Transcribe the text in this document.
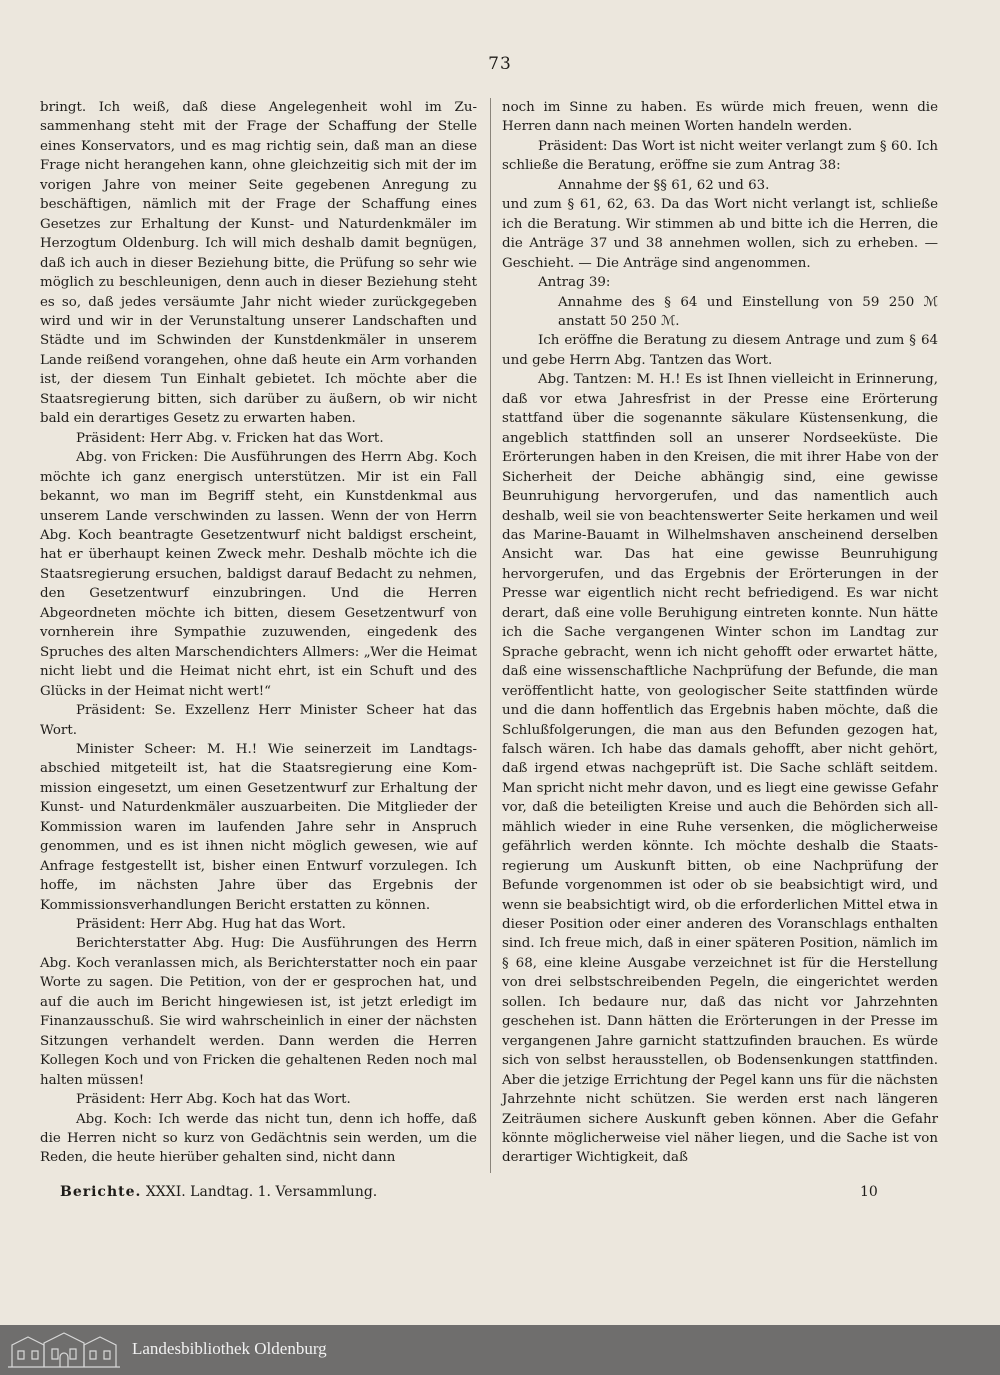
73

bringt. Ich weiß, daß diese Angelegenheit wohl im Zusammenhang steht mit der Frage der Schaffung der Stelle eines Konservators, und es mag richtig sein, daß man an diese Frage nicht herangehen kann, ohne gleichzeitig sich mit der im vorigen Jahre von meiner Seite gegebenen Anregung zu beschäftigen, nämlich mit der Frage der Schaffung eines Gesetzes zur Erhaltung der Kunst- und Naturdenkmäler im Herzogtum Oldenburg. Ich will mich deshalb damit begnügen, daß ich auch in dieser Beziehung bitte, die Prüfung so sehr wie möglich zu beschleunigen, denn auch in dieser Beziehung steht es so, daß jedes versäumte Jahr nicht wieder zurückgegeben wird und wir in der Verunstaltung unserer Landschaften und Städte und im Schwinden der Kunstdenkmäler in unserem Lande reißend vorangehen, ohne daß heute ein Arm vorhanden ist, der diesem Tun Einhalt gebietet. Ich möchte aber die Staatsregierung bitten, sich darüber zu äußern, ob wir nicht bald ein derartiges Gesetz zu erwarten haben.

Präsident: Herr Abg. v. Fricken hat das Wort.

Abg. von Fricken: Die Ausführungen des Herrn Abg. Koch möchte ich ganz energisch unterstützen. Mir ist ein Fall bekannt, wo man im Begriff steht, ein Kunstdenkmal aus unserem Lande verschwinden zu lassen. Wenn der von Herrn Abg. Koch beantragte Gesetzentwurf nicht baldigst erscheint, hat er überhaupt keinen Zweck mehr. Deshalb möchte ich die Staatsregierung ersuchen, baldigst darauf Bedacht zu nehmen, den Gesetzentwurf einzubringen. Und die Herren Abgeordneten möchte ich bitten, diesem Gesetzentwurf von vornherein ihre Sympathie zuzuwenden, eingedenk des Spruches des alten Marschendichters Allmers: „Wer die Heimat nicht liebt und die Heimat nicht ehrt, ist ein Schuft und des Glücks in der Heimat nicht wert!“

Präsident: Se. Exzellenz Herr Minister Scheer hat das Wort.

Minister Scheer: M. H.! Wie seinerzeit im Landtagsabschied mitgeteilt ist, hat die Staatsregierung eine Kommission eingesetzt, um einen Gesetzentwurf zur Erhaltung der Kunst- und Naturdenkmäler auszuarbeiten. Die Mitglieder der Kommission waren im laufenden Jahre sehr in Anspruch genommen, und es ist ihnen nicht möglich gewesen, wie auf Anfrage festgestellt ist, bisher einen Entwurf vorzulegen. Ich hoffe, im nächsten Jahre über das Ergebnis der Kommissionsverhandlungen Bericht erstatten zu können.

Präsident: Herr Abg. Hug hat das Wort.

Berichterstatter Abg. Hug: Die Ausführungen des Herrn Abg. Koch veranlassen mich, als Berichterstatter noch ein paar Worte zu sagen. Die Petition, von der er gesprochen hat, und auf die auch im Bericht hingewiesen ist, ist jetzt erledigt im Finanzausschuß. Sie wird wahrscheinlich in einer der nächsten Sitzungen verhandelt werden. Dann werden die Herren Kollegen Koch und von Fricken die gehaltenen Reden noch mal halten müssen!

Präsident: Herr Abg. Koch hat das Wort.

Abg. Koch: Ich werde das nicht tun, denn ich hoffe, daß die Herren nicht so kurz von Gedächtnis sein werden, um die Reden, die heute hierüber gehalten sind, nicht dann

noch im Sinne zu haben. Es würde mich freuen, wenn die Herren dann nach meinen Worten handeln werden.

Präsident: Das Wort ist nicht weiter verlangt zum § 60. Ich schließe die Beratung, eröffne sie zum Antrag 38:

Annahme der §§ 61, 62 und 63.

und zum § 61, 62, 63. Da das Wort nicht verlangt ist, schließe ich die Beratung. Wir stimmen ab und bitte ich die Herren, die die Anträge 37 und 38 annehmen wollen, sich zu erheben. — Geschieht. — Die Anträge sind angenommen.

Antrag 39:

Annahme des § 64 und Einstellung von 59 250 ℳ anstatt 50 250 ℳ.

Ich eröffne die Beratung zu diesem Antrage und zum § 64 und gebe Herrn Abg. Tantzen das Wort.

Abg. Tantzen: M. H.! Es ist Ihnen vielleicht in Erinnerung, daß vor etwa Jahresfrist in der Presse eine Erörterung stattfand über die sogenannte säkulare Küstensenkung, die angeblich stattfinden soll an unserer Nordseeküste. Die Erörterungen haben in den Kreisen, die mit ihrer Habe von der Sicherheit der Deiche abhängig sind, eine gewisse Beunruhigung hervorgerufen, und das namentlich auch deshalb, weil sie von beachtenswerter Seite herkamen und weil das Marine-Bauamt in Wilhelmshaven anscheinend derselben Ansicht war. Das hat eine gewisse Beunruhigung hervorgerufen, und das Ergebnis der Erörterungen in der Presse war eigentlich nicht recht befriedigend. Es war nicht derart, daß eine volle Beruhigung eintreten konnte. Nun hätte ich die Sache vergangenen Winter schon im Landtag zur Sprache gebracht, wenn ich nicht gehofft oder erwartet hätte, daß eine wissenschaftliche Nachprüfung der Befunde, die man veröffentlicht hatte, von geologischer Seite stattfinden würde und die dann hoffentlich das Ergebnis haben möchte, daß die Schlußfolgerungen, die man aus den Befunden gezogen hat, falsch wären. Ich habe das damals gehofft, aber nicht gehört, daß irgend etwas nachgeprüft ist. Die Sache schläft seitdem. Man spricht nicht mehr davon, und es liegt eine gewisse Gefahr vor, daß die beteiligten Kreise und auch die Behörden sich allmählich wieder in eine Ruhe versenken, die möglicherweise gefährlich werden könnte. Ich möchte deshalb die Staatsregierung um Auskunft bitten, ob eine Nachprüfung der Befunde vorgenommen ist oder ob sie beabsichtigt wird, und wenn sie beabsichtigt wird, ob die erforderlichen Mittel etwa in dieser Position oder einer anderen des Voranschlags enthalten sind. Ich freue mich, daß in einer späteren Position, nämlich im § 68, eine kleine Ausgabe verzeichnet ist für die Herstellung von drei selbstschreibenden Pegeln, die eingerichtet werden sollen. Ich bedaure nur, daß das nicht vor Jahrzehnten geschehen ist. Dann hätten die Erörterungen in der Presse im vergangenen Jahre garnicht stattzufinden brauchen. Es würde sich von selbst herausstellen, ob Bodensenkungen stattfinden. Aber die jetzige Errichtung der Pegel kann uns für die nächsten Jahrzehnte nicht schützen. Sie werden erst nach längeren Zeiträumen sichere Auskunft geben können. Aber die Gefahr könnte möglicherweise viel näher liegen, und die Sache ist von derartiger Wichtigkeit, daß

Berichte. XXXI. Landtag. 1. Versammlung.	10
Landesbibliothek Oldenburg
